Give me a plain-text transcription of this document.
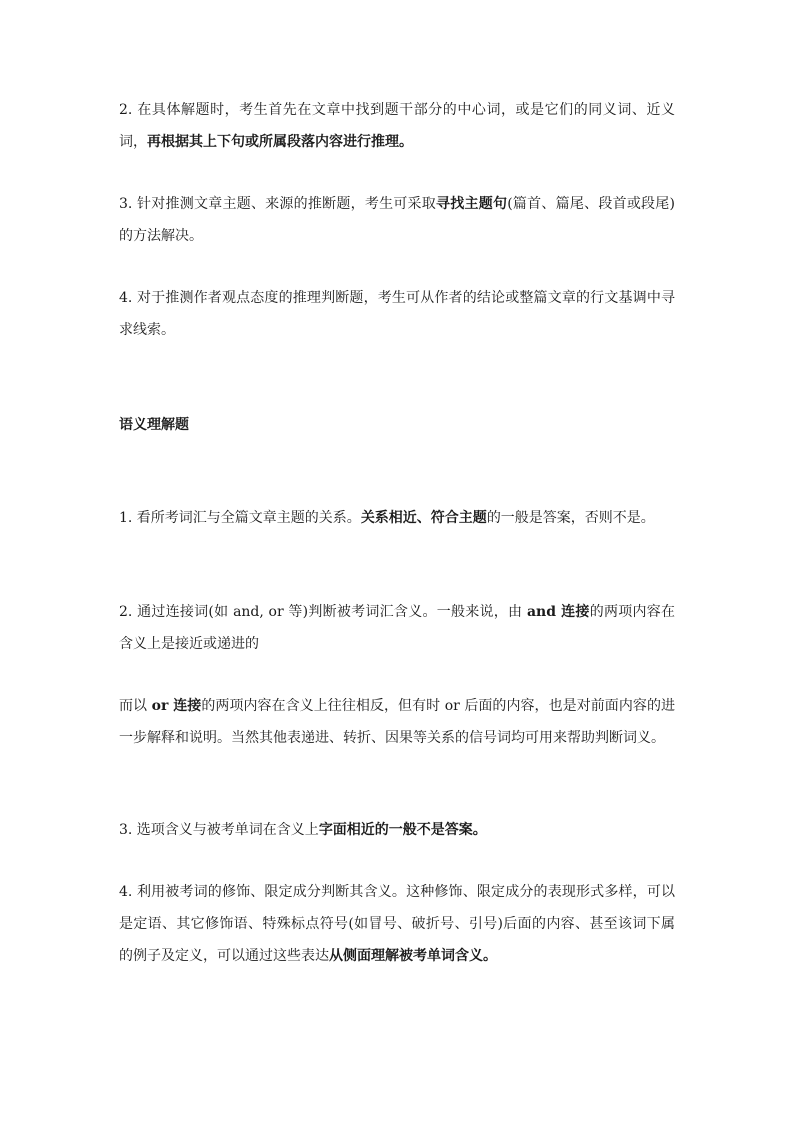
2. 在具体解题时，考生首先在文章中找到题干部分的中心词，或是它们的同义词、近义词，再根据其上下句或所属段落内容进行推理。

3. 针对推测文章主题、来源的推断题，考生可采取寻找主题句(篇首、篇尾、段首或段尾)的方法解决。

4. 对于推测作者观点态度的推理判断题，考生可从作者的结论或整篇文章的行文基调中寻求线索。

语义理解题

1. 看所考词汇与全篇文章主题的关系。关系相近、符合主题的一般是答案，否则不是。

2. 通过连接词(如 and, or 等)判断被考词汇含义。一般来说，由 and 连接的两项内容在含义上是接近或递进的

而以 or 连接的两项内容在含义上往往相反，但有时 or 后面的内容，也是对前面内容的进一步解释和说明。当然其他表递进、转折、因果等关系的信号词均可用来帮助判断词义。

3. 选项含义与被考单词在含义上字面相近的一般不是答案。

4. 利用被考词的修饰、限定成分判断其含义。这种修饰、限定成分的表现形式多样，可以是定语、其它修饰语、特殊标点符号(如冒号、破折号、引号)后面的内容、甚至该词下属的例子及定义，可以通过这些表达从侧面理解被考单词含义。
